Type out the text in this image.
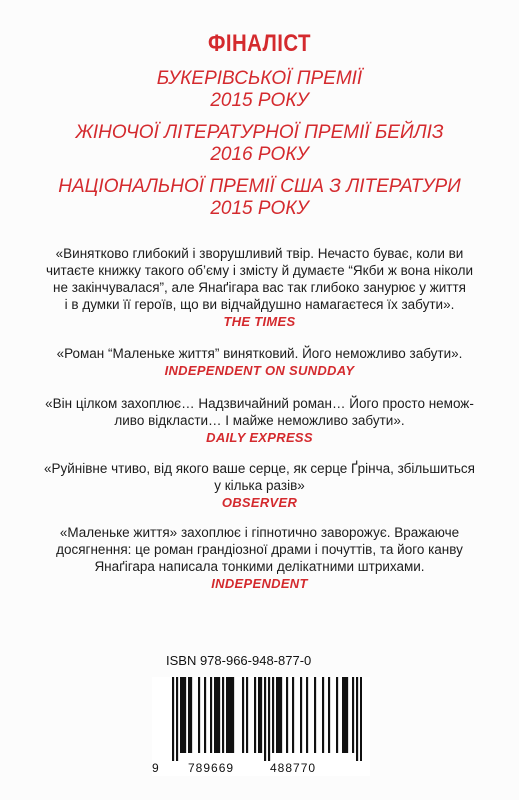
ФІНАЛІСТ
БУКЕРІВСЬКОЇ ПРЕМІЇ
2015 РОКУ
ЖІНОЧОЇ ЛІТЕРАТУРНОЇ ПРЕМІЇ БЕЙЛІЗ
2016 РОКУ
НАЦІОНАЛЬНОЇ ПРЕМІЇ США З ЛІТЕРАТУРИ
2015 РОКУ
«Винятково глибокий і зворушливий твір. Нечасто буває, коли ви
читаєте книжку такого об’єму і змісту й думаєте “Якби ж вона ніколи
не закінчувалася”, але Янаґігара вас так глибоко занурює у життя
і в думки її героїв, що ви відчайдушно намагаєтеся їх забути».
THE TIMES
«Роман “Маленьке життя” винятковий. Його неможливо забути».
INDEPENDENT ON SUNDDAY
«Він цілком захоплює… Надзвичайний роман… Його просто немож-
ливо відкласти… І майже неможливо забути».
DAILY EXPRESS
«Руйнівне чтиво, від якого ваше серце, як серце Ґрінча, збільшиться
у кілька разів»
OBSERVER
«Маленьке життя» захоплює і гіпнотично заворожує. Вражаюче
досягнення: це роман грандіозної драми і почуттів, та його канву
Янаґігара написала тонкими делікатними штрихами.
INDEPENDENT
ISBN 978-966-948-877-0
9 789669	488770
